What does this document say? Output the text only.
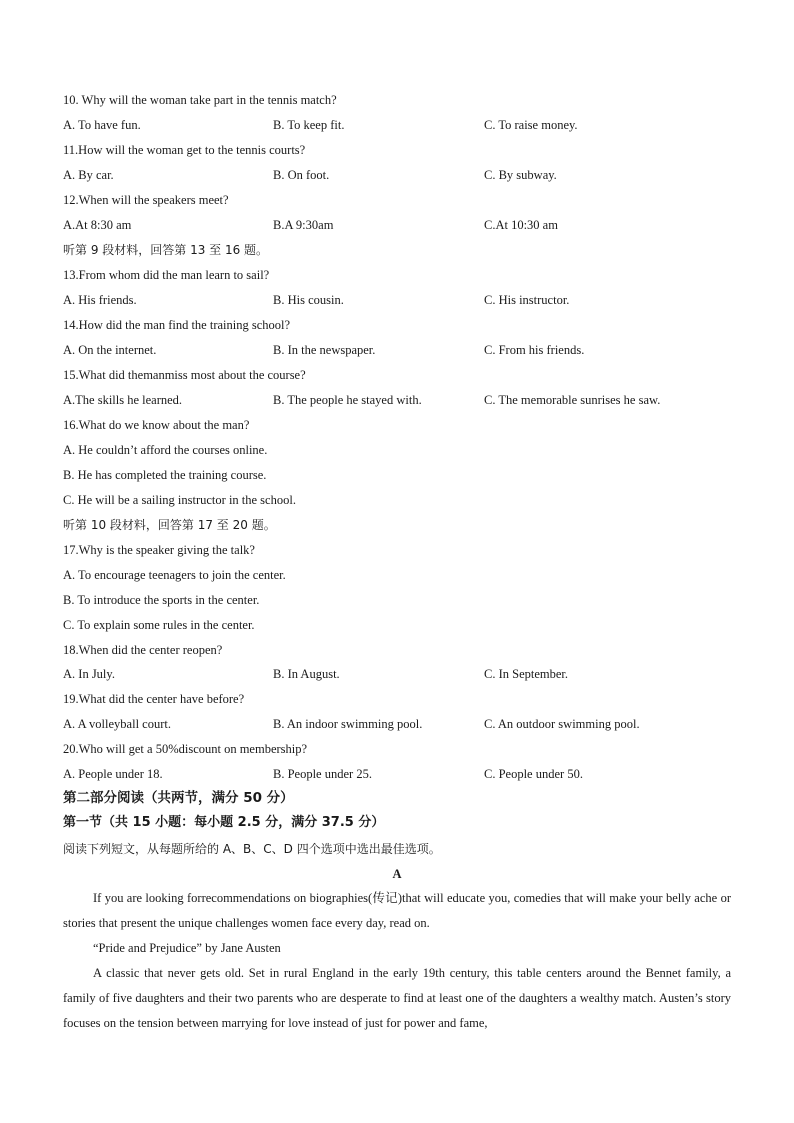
10. Why will the woman take part in the tennis match?
A. To have fun.	B. To keep fit.	C. To raise money.
11.How will the woman get to the tennis courts?
A. By car.	B. On foot.	C. By subway.
12.When will the speakers meet?
A.At 8:30 am	B.A 9:30am	C.At 10:30 am
听第 9 段材料，回答第 13 至 16 题。
13.From whom did the man learn to sail?
A. His friends.	B. His cousin.	C. His instructor.
14.How did the man find the training school?
A. On the internet.	B. In the newspaper.	C. From his friends.
15.What did themanmiss most about the course?
A.The skills he learned.	B. The people he stayed with.	C. The memorable sunrises he saw.
16.What do we know about the man?
A. He couldn’t afford the courses online.
B. He has completed the training course.
C. He will be a sailing instructor in the school.
听第 10 段材料，回答第 17 至 20 题。
17.Why is the speaker giving the talk?
A. To encourage teenagers to join the center.
B. To introduce the sports in the center.
C. To explain some rules in the center.
18.When did the center reopen?
A. In July.	B. In August.	C. In September.
19.What did the center have before?
A. A volleyball court.	B. An indoor swimming pool.	C. An outdoor swimming pool.
20.Who will get a 50%discount on membership?
A. People under 18.	B. People under 25.	C. People under 50.
第二部分阅读（共两节，满分 50 分）
第一节（共 15 小题：每小题 2.5 分，满分 37.5 分）
阅读下列短文，从每题所给的 A、B、C、D 四个选项中选出最佳选项。
A
If you are looking forrecommendations on biographies(传记)that will educate you, comedies that will make your belly ache or stories that present the unique challenges women face every day, read on.
“Pride and Prejudice” by Jane Austen
A classic that never gets old. Set in rural England in the early 19th century, this table centers around the Bennet family, a family of five daughters and their two parents who are desperate to find at least one of the daughters a wealthy match. Austen’s story focuses on the tension between marrying for love instead of just for power and fame,
